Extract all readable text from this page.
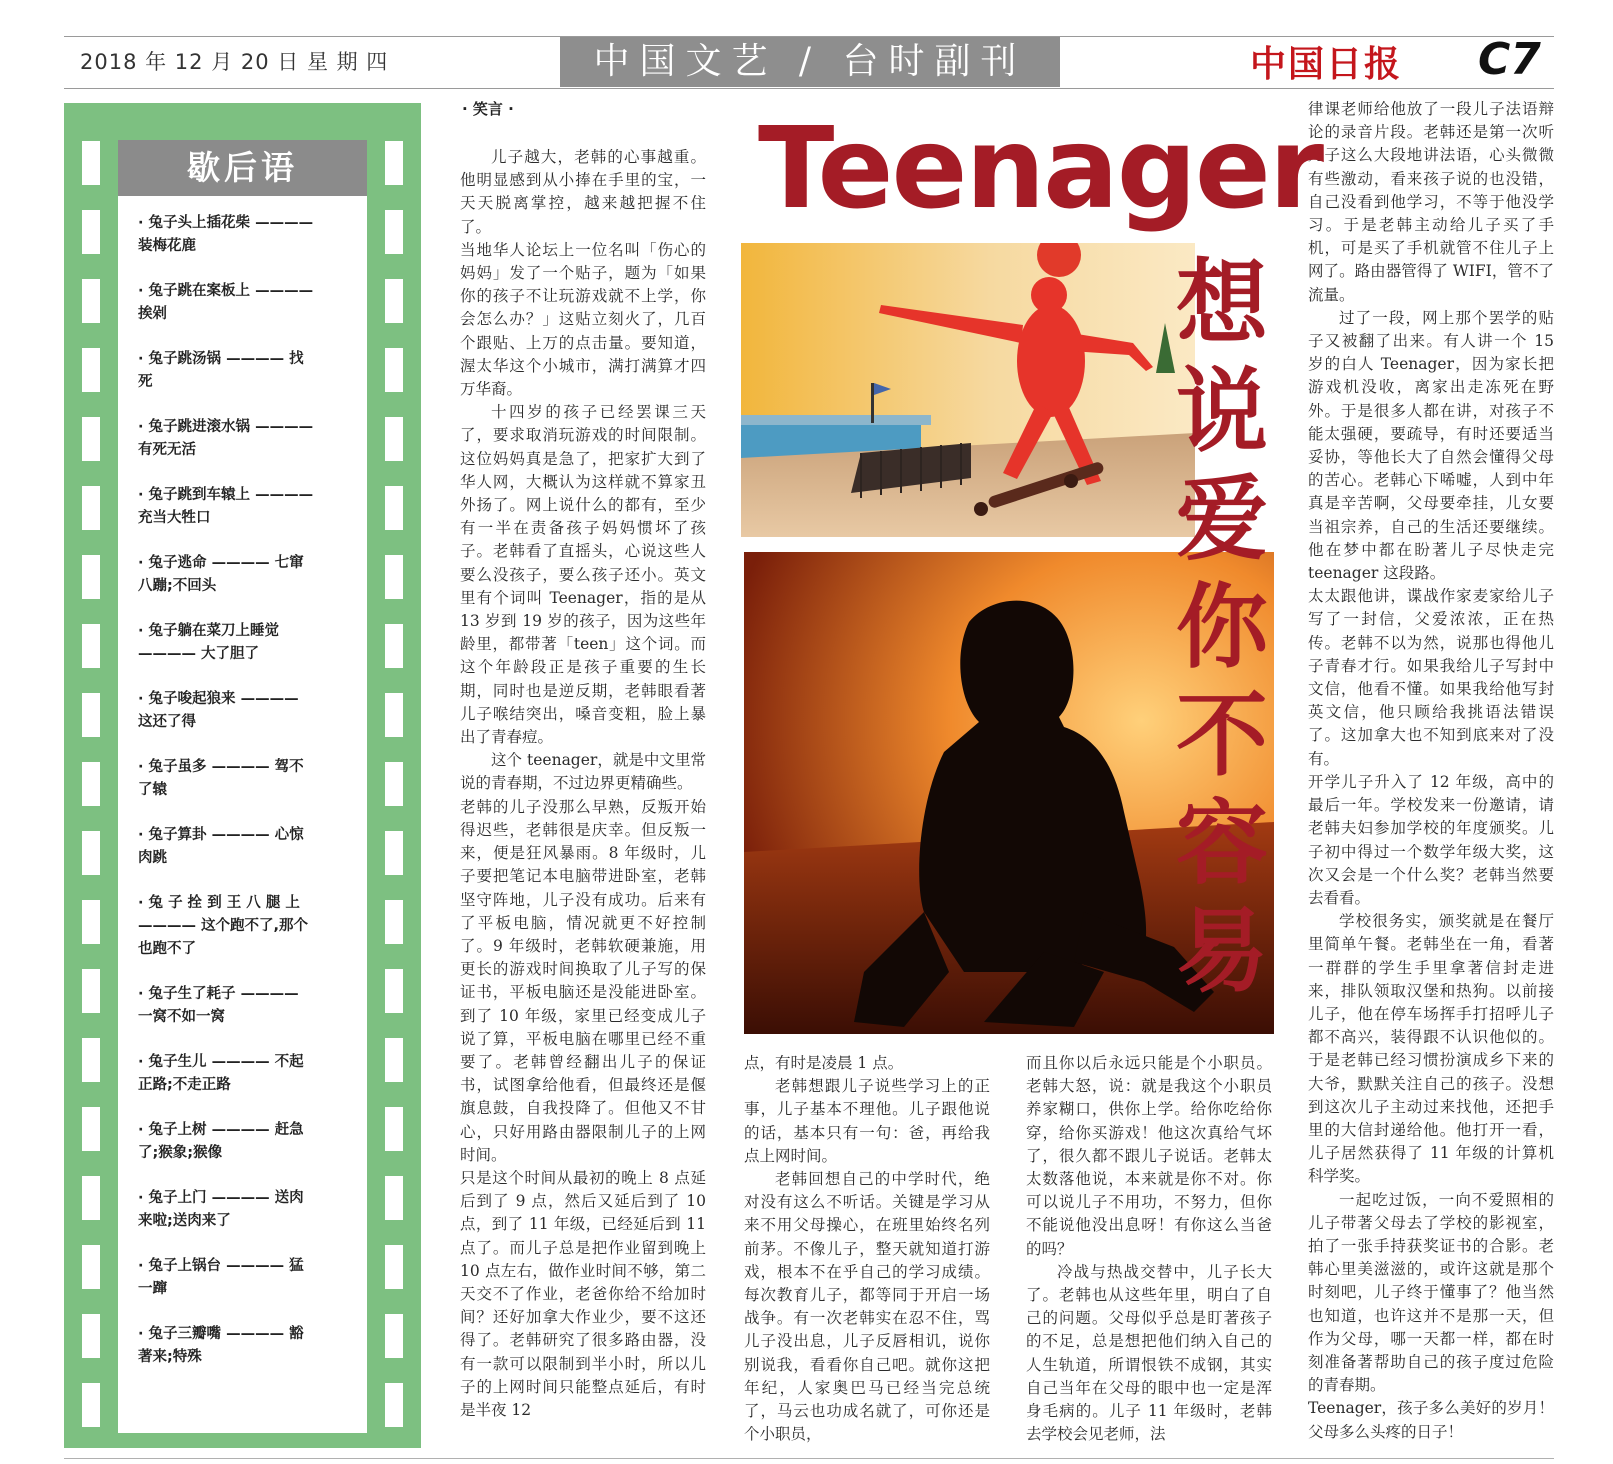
2018 年 12 月 20 日 星 期 四	中国文艺 / 台时副刊	中国日报 C7
歇后语
· 兔子头上插花柴 ————
装梅花鹿
· 兔子跳在案板上 ————
挨剁
· 兔子跳汤锅 ———— 找
死
· 兔子跳进滚水锅 ————
有死无活
· 兔子跳到车辕上 ————
充当大牲口
· 兔子逃命 ———— 七窜
八蹦;不回头
· 兔子躺在菜刀上睡觉
———— 大了胆了
· 兔子唆起狼来 ————
这还了得
· 兔子虽多 ———— 驾不
了辕
· 兔子算卦 ———— 心惊
肉跳
· 兔 子 拴 到 王 八 腿 上
———— 这个跑不了,那个
也跑不了
· 兔子生了耗子 ————
一窝不如一窝
· 兔子生儿 ———— 不起
正路;不走正路
· 兔子上树 ———— 赶急
了;猴象;猴像
· 兔子上门 ———— 送肉
来啦;送肉来了
· 兔子上锅台 ———— 猛
一蹿
· 兔子三瓣嘴 ———— 豁
著来;特殊
· 笑言 ·

儿子越大，老韩的心事越重。他明显感到从小捧在手里的宝，一天天脱离掌控，越来越把握不住了。

当地华人论坛上一位名叫「伤心的妈妈」发了一个贴子，题为「如果你的孩子不让玩游戏就不上学，你会怎么办？」这贴立刻火了，几百个跟贴、上万的点击量。要知道，渥太华这个小城市，满打满算才四万华裔。

十四岁的孩子已经罢课三天了，要求取消玩游戏的时间限制。这位妈妈真是急了，把家扩大到了华人网，大概认为这样就不算家丑外扬了。网上说什么的都有，至少有一半在责备孩子妈妈惯坏了孩子。老韩看了直摇头，心说这些人要么没孩子，要么孩子还小。英文里有个词叫 Teenager，指的是从 13 岁到 19 岁的孩子，因为这些年龄里，都带著「teen」这个词。而这个年龄段正是孩子重要的生长期，同时也是逆反期，老韩眼看著儿子喉结突出，嗓音变粗，脸上暴出了青春痘。

这个 teenager，就是中文里常说的青春期，不过边界更精确些。

老韩的儿子没那么早熟，反叛开始得迟些，老韩很是庆幸。但反叛一来，便是狂风暴雨。8 年级时，儿子要把笔记本电脑带进卧室，老韩坚守阵地，儿子没有成功。后来有了平板电脑，情况就更不好控制了。9 年级时，老韩软硬兼施，用更长的游戏时间换取了儿子写的保证书，平板电脑还是没能进卧室。到了 10 年级，家里已经变成儿子说了算，平板电脑在哪里已经不重要了。老韩曾经翻出儿子的保证书，试图拿给他看，但最终还是偃旗息鼓，自我投降了。但他又不甘心，只好用路由器限制儿子的上网时间。

只是这个时间从最初的晚上 8 点延后到了 9 点，然后又延后到了 10 点，到了 11 年级，已经延后到 11 点了。而儿子总是把作业留到晚上 10 点左右，做作业时间不够，第二天交不了作业，老爸你给不给加时间？还好加拿大作业少，要不这还得了。老韩研究了很多路由器，没有一款可以限制到半小时，所以儿子的上网时间只能整点延后，有时是半夜 12

点，有时是凌晨 1 点。

老韩想跟儿子说些学习上的正事，儿子基本不理他。儿子跟他说的话，基本只有一句：爸，再给我点上网时间。

老韩回想自己的中学时代，绝对没有这么不听话。关键是学习从来不用父母操心，在班里始终名列前茅。不像儿子，整天就知道打游戏，根本不在乎自己的学习成绩。每次教育儿子，都等同于开启一场战争。有一次老韩实在忍不住，骂儿子没出息，儿子反唇相讥，说你别说我，看看你自己吧。就你这把年纪，人家奥巴马已经当完总统了，马云也功成名就了，可你还是个小职员，

而且你以后永远只能是个小职员。老韩大怒，说：就是我这个小职员养家糊口，供你上学。给你吃给你穿，给你买游戏！他这次真给气坏了，很久都不跟儿子说话。老韩太太数落他说，本来就是你不对。你可以说儿子不用功，不努力，但你不能说他没出息呀！有你这么当爸的吗？

冷战与热战交替中，儿子长大了。老韩也从这些年里，明白了自己的问题。父母似乎总是盯著孩子的不足，总是想把他们纳入自己的人生轨道，所谓恨铁不成钢，其实自己当年在父母的眼中也一定是浑身毛病的。儿子 11 年级时，老韩去学校会见老师，法

律课老师给他放了一段儿子法语辩论的录音片段。老韩还是第一次听儿子这么大段地讲法语，心头微微有些激动，看来孩子说的也没错，自己没看到他学习，不等于他没学习。于是老韩主动给儿子买了手机，可是买了手机就管不住儿子上网了。路由器管得了 WIFI，管不了流量。

过了一段，网上那个罢学的贴子又被翻了出来。有人讲一个 15 岁的白人 Teenager，因为家长把游戏机没收，离家出走冻死在野外。于是很多人都在讲，对孩子不能太强硬，要疏导，有时还要适当妥协，等他长大了自然会懂得父母的苦心。老韩心下唏嘘，人到中年真是辛苦啊，父母要牵挂，儿女要当祖宗养，自己的生活还要继续。他在梦中都在盼著儿子尽快走完 teenager 这段路。

太太跟他讲，谍战作家麦家给儿子写了一封信，父爱浓浓，正在热传。老韩不以为然，说那也得他儿子青春才行。如果我给儿子写封中文信，他看不懂。如果我给他写封英文信，他只顾给我挑语法错误了。这加拿大也不知到底来对了没有。

开学儿子升入了 12 年级，高中的最后一年。学校发来一份邀请，请老韩夫妇参加学校的年度颁奖。儿子初中得过一个数学年级大奖，这次又会是一个什么奖？老韩当然要去看看。

学校很务实，颁奖就是在餐厅里简单午餐。老韩坐在一角，看著一群群的学生手里拿著信封走进来，排队领取汉堡和热狗。以前接儿子，他在停车场挥手打招呼儿子都不高兴，装得跟不认识他似的。于是老韩已经习惯扮演成乡下来的大爷，默默关注自己的孩子。没想到这次儿子主动过来找他，还把手里的大信封递给他。他打开一看，儿子居然获得了 11 年级的计算机科学奖。

一起吃过饭，一向不爱照相的儿子带著父母去了学校的影视室，拍了一张手持获奖证书的合影。老韩心里美滋滋的，或许这就是那个时刻吧，儿子终于懂事了？他当然也知道，也许这并不是那一天，但作为父母，哪一天都一样，都在时刻准备著帮助自己的孩子度过危险的青春期。

Teenager，孩子多么美好的岁月！父母多么头疼的日子！

Teenager
想说爱你不容易
